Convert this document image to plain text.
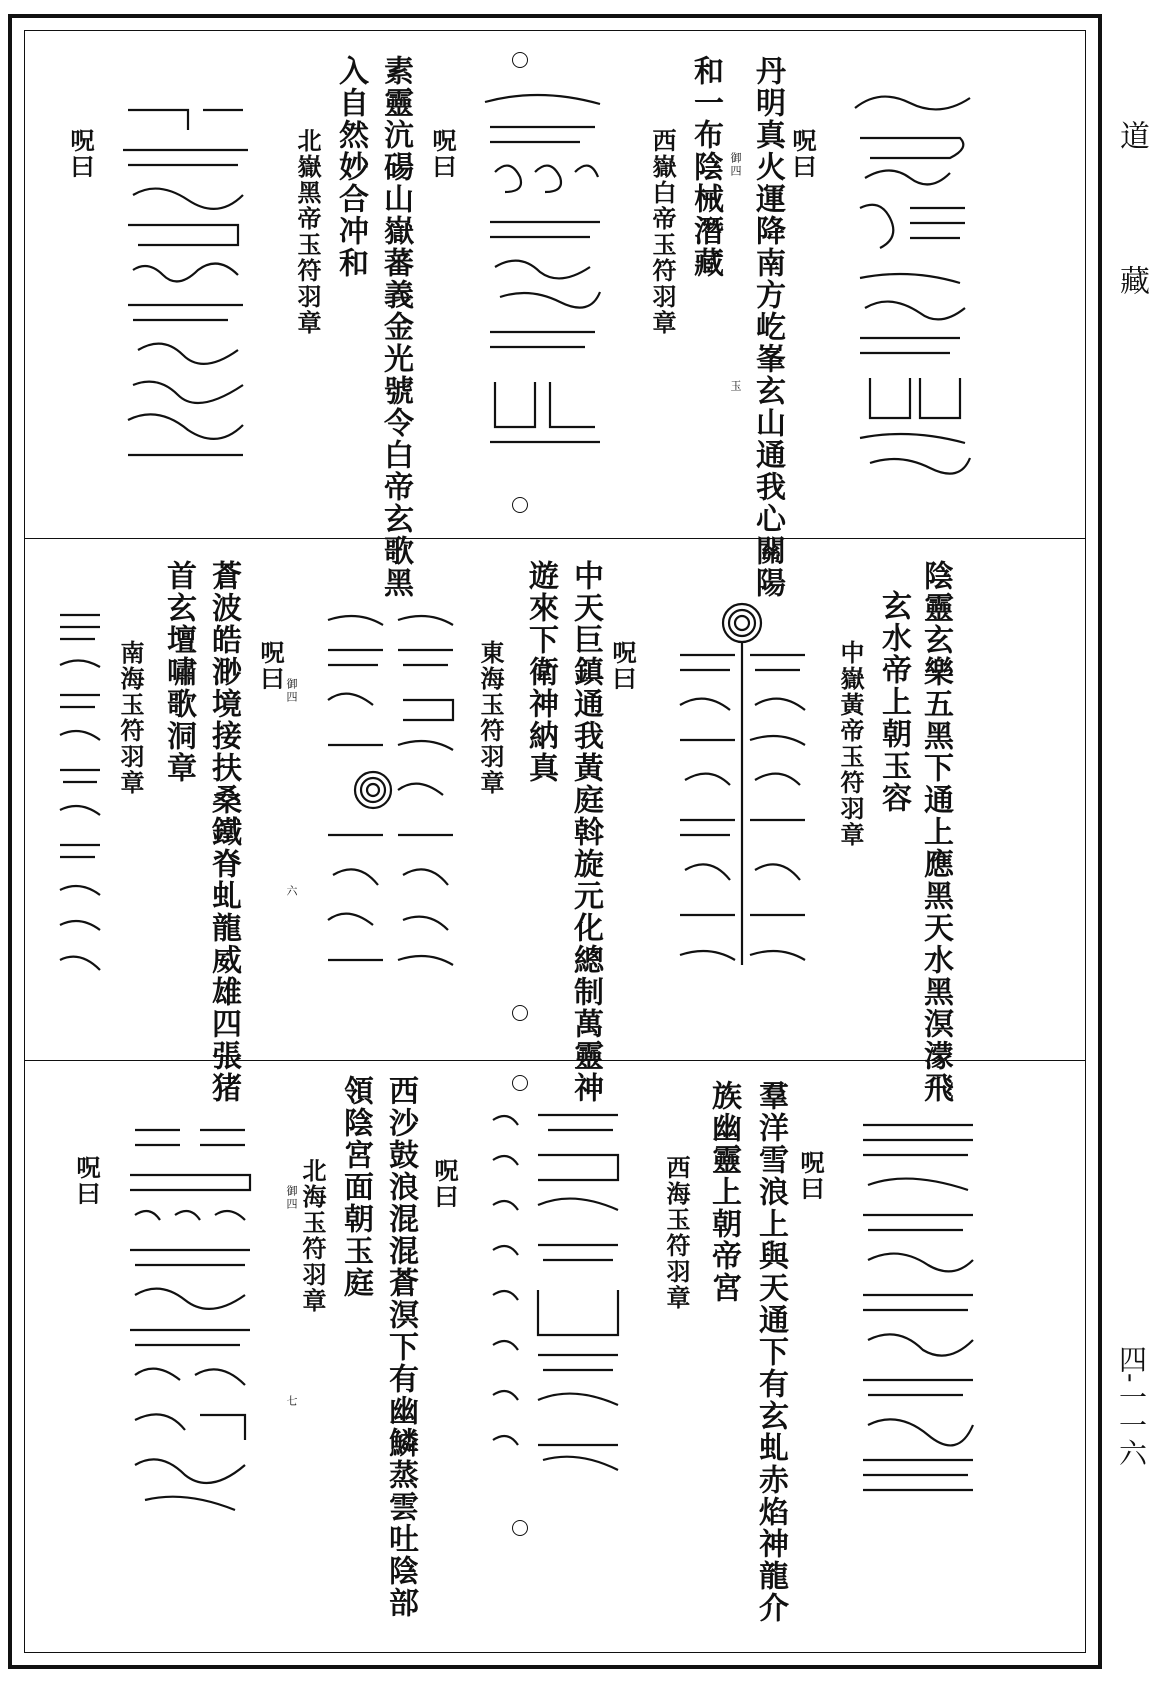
道
藏
四-一一六
呪曰
丹明真火運降南方屹峯玄山通我心關陽
御四
玉
和一布陰械潛藏
西嶽白帝玉符羽章
呪曰
素靈沆碭山嶽蕃義金光號令白帝玄歌黑
入自然妙合冲和
北嶽黑帝玉符羽章
呪曰
陰靈玄樂五黑下通上應黑天水黑溟濛飛
玄水帝上朝玉容
中嶽黃帝玉符羽章
呪曰
中天巨鎮通我黃庭斡旋元化總制萬靈神
遊來下衛神納真
東海玉符羽章
呪曰 御四
六
蒼波皓渺境接扶桑鐵脊虬龍威雄四張猪
首玄壇嘯歌洞章
南海玉符羽章
呪曰
羣洋雪浪上與天通下有玄虬赤焰神龍介
族幽靈上朝帝宮
西海玉符羽章
呪曰
西沙鼓浪混混蒼溟下有幽鱗蒸雲吐陰部
領陰宮面朝玉庭
御四
七
北海玉符羽章
呪曰
